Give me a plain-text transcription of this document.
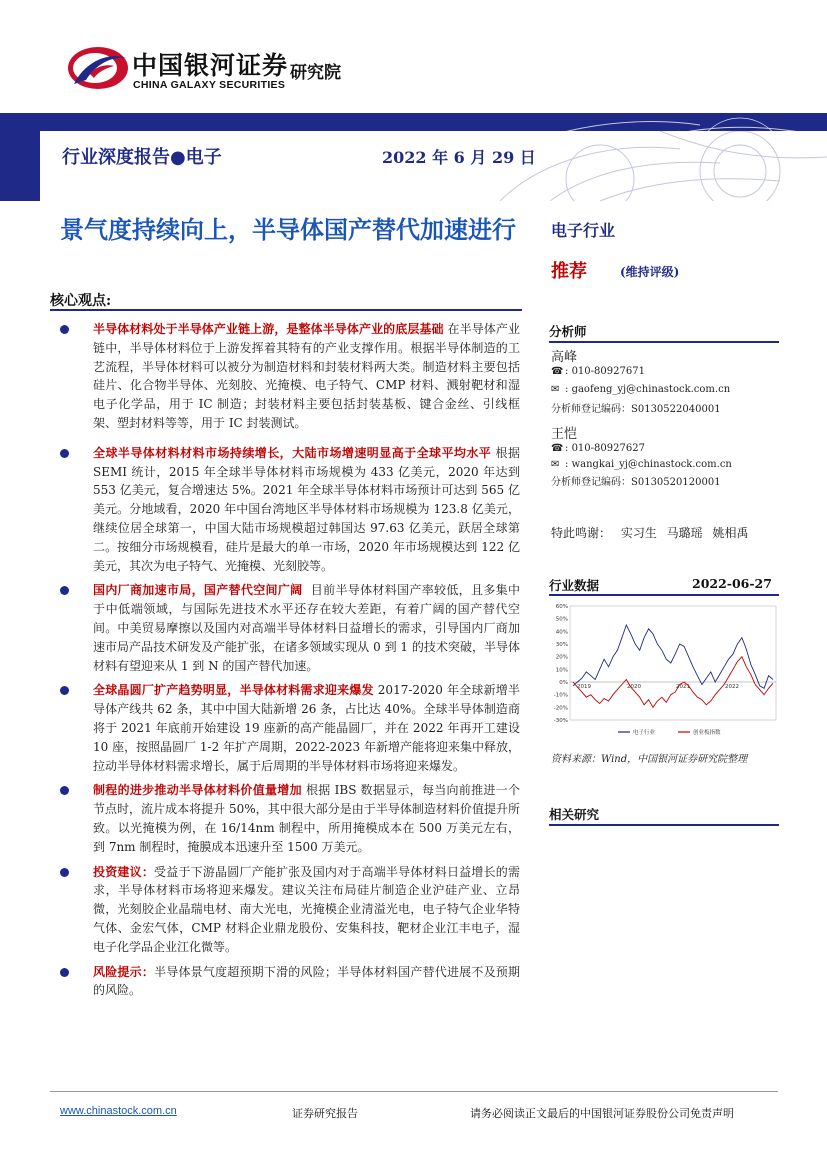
中国银河证券
CHINA GALAXY SECURITIES
研究院
行业深度报告●电子	2022 年 6 月 29 日
景气度持续向上，半导体国产替代加速进行
核心观点:
半导体材料处于半导体产业链上游，是整体半导体产业的底层基础 在半导体产业链中，半导体材料位于上游发挥着其特有的产业支撑作用。根据半导体制造的工艺流程，半导体材料可以被分为制造材料和封装材料两大类。制造材料主要包括硅片、化合物半导体、光刻胶、光掩模、电子特气、CMP 材料、溅射靶材和湿电子化学品，用于 IC 制造；封装材料主要包括封装基板、键合金丝、引线框架、塑封材料等等，用于 IC 封装测试。
全球半导体材料材料市场持续增长，大陆市场增速明显高于全球平均水平 根据 SEMI 统计，2015 年全球半导体材料市场规模为 433 亿美元，2020 年达到 553 亿美元，复合增速达 5%。2021 年全球半导体材料市场预计可达到 565 亿美元。分地域看，2020 年中国台湾地区半导体材料市场规模为 123.8 亿美元，继续位居全球第一，中国大陆市场规模超过韩国达 97.63 亿美元，跃居全球第二。按细分市场规模看，硅片是最大的单一市场，2020 年市场规模达到 122 亿美元，其次为电子特气、光掩模、光刻胶等。
国内厂商加速市局，国产替代空间广阔 目前半导体材料国产率较低，且多集中于中低端领域，与国际先进技术水平还存在较大差距，有着广阔的国产替代空间。中美贸易摩擦以及国内对高端半导体材料日益增长的需求，引导国内厂商加速市局产品技术研发及产能扩张，在诸多领域实现从 0 到 1 的技术突破，半导体材料有望迎来从 1 到 N 的国产替代加速。
全球晶圆厂扩产趋势明显，半导体材料需求迎来爆发 2017-2020 年全球新增半导体产线共 62 条，其中中国大陆新增 26 条，占比达 40%。全球半导体制造商将于 2021 年底前开始建设 19 座新的高产能晶圆厂，并在 2022 年再开工建设 10 座，按照晶圆厂 1-2 年扩产周期，2022-2023 年新增产能将迎来集中释放，拉动半导体材料需求增长，属于后周期的半导体材料市场将迎来爆发。
制程的进步推动半导体材料价值量增加 根据 IBS 数据显示，每当向前推进一个节点时，流片成本将提升 50%，其中很大部分是由于半导体制造材料价值提升所致。以光掩模为例，在 16/14nm 制程中，所用掩模成本在 500 万美元左右，到 7nm 制程时，掩膜成本迅速升至 1500 万美元。
投资建议：受益于下游晶圆厂产能扩张及国内对于高端半导体材料日益增长的需求，半导体材料市场将迎来爆发。建议关注布局硅片制造企业沪硅产业、立昂微，光刻胶企业晶瑞电材、南大光电，光掩模企业清溢光电，电子特气企业华特气体、金宏气体，CMP 材料企业鼎龙股份、安集科技，靶材企业江丰电子，湿电子化学品企业江化微等。
风险提示：半导体景气度超预期下滑的风险；半导体材料国产替代进展不及预期的风险。
电子行业
推荐	(维持评级)
分析师
高峰
☎ : 010-80927671
✉ : gaofeng_yj@chinastock.com.cn
分析师登记编码：S0130522040001
王恺
☎ : 010-80927627
✉ : wangkai_yj@chinastock.com.cn
分析师登记编码：S0130520120001
特此鸣谢： 实习生 马璐瑶 姚相禹
行业数据	2022-06-27
60%
50%
40%
30%
20%
10%
0%
-10%
-20%
-30%
2019	2020	2021	2022
电子行业	创业板指数
资料来源：Wind，中国银河证券研究院整理
相关研究
www.chinastock.com.cn	证券研究报告	请务必阅读正文最后的中国银河证券股份公司免责声明
